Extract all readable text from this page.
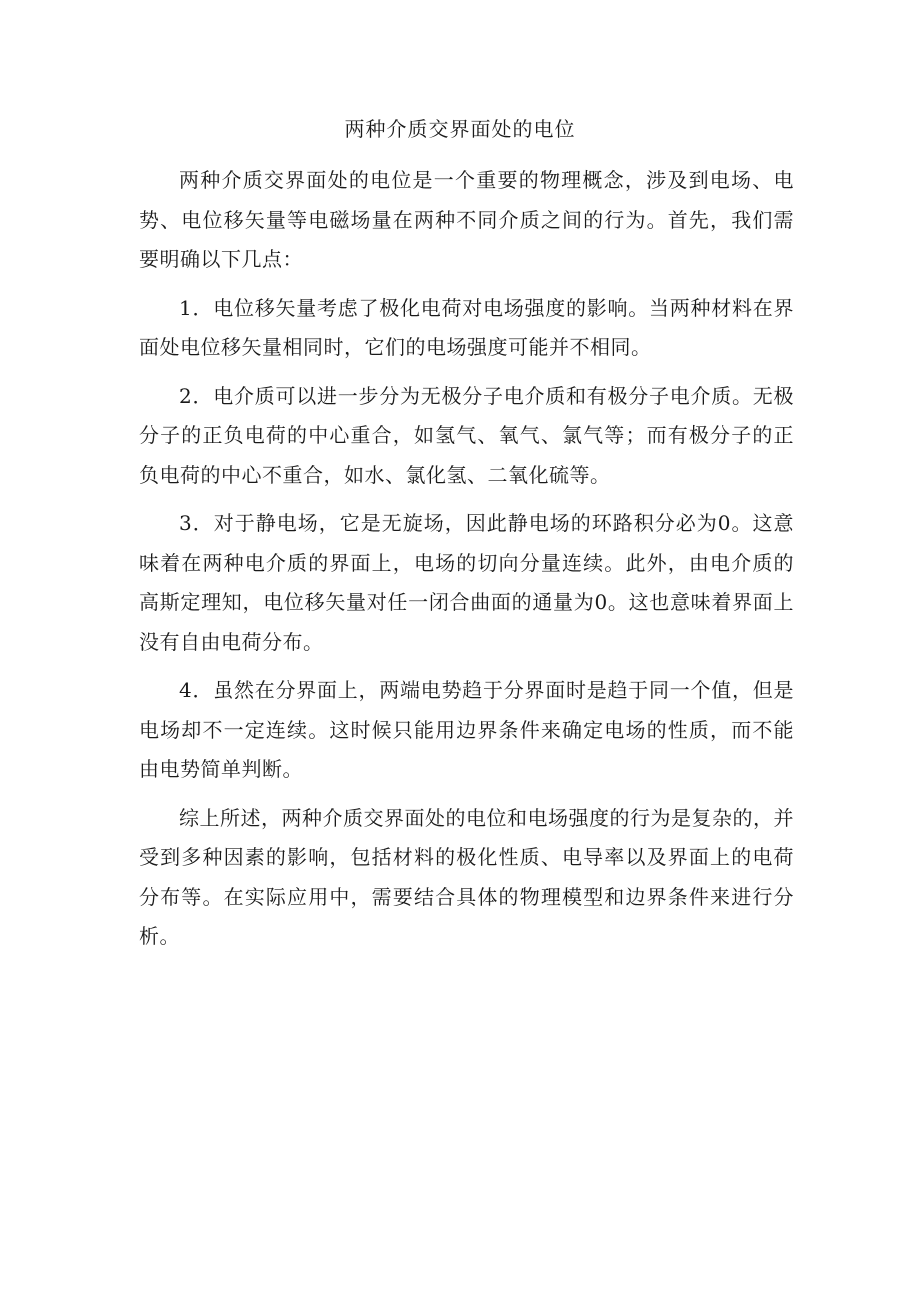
两种介质交界面处的电位

两种介质交界面处的电位是一个重要的物理概念，涉及到电场、电势、电位移矢量等电磁场量在两种不同介质之间的行为。首先，我们需要明确以下几点：

1．电位移矢量考虑了极化电荷对电场强度的影响。当两种材料在界面处电位移矢量相同时，它们的电场强度可能并不相同。

2．电介质可以进一步分为无极分子电介质和有极分子电介质。无极分子的正负电荷的中心重合，如氢气、氧气、氯气等；而有极分子的正负电荷的中心不重合，如水、氯化氢、二氧化硫等。

3．对于静电场，它是无旋场，因此静电场的环路积分必为0。这意味着在两种电介质的界面上，电场的切向分量连续。此外，由电介质的高斯定理知，电位移矢量对任一闭合曲面的通量为0。这也意味着界面上没有自由电荷分布。

4．虽然在分界面上，两端电势趋于分界面时是趋于同一个值，但是电场却不一定连续。这时候只能用边界条件来确定电场的性质，而不能由电势简单判断。

综上所述，两种介质交界面处的电位和电场强度的行为是复杂的，并受到多种因素的影响，包括材料的极化性质、电导率以及界面上的电荷分布等。在实际应用中，需要结合具体的物理模型和边界条件来进行分析。
